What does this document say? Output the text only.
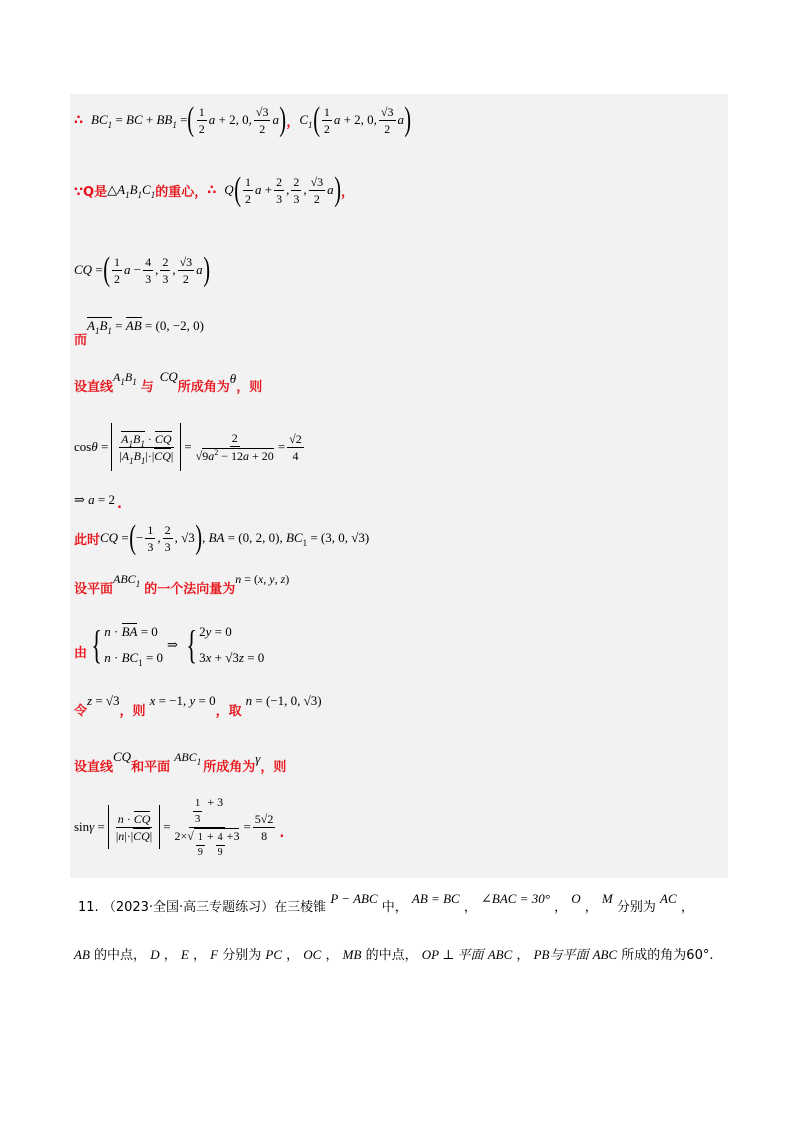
∴ $BC_1$ = BC + $BB_1$ = ( $\frac{1}{2}$ a + 2, 0, $\frac{√3}{2}$ a ) ， $C_1$ ( $\frac{1}{2}$ a + 2, 0, $\frac{√3}{2}$ a )
∵Q是 $\triangle A_1B_1C_1$ 的重心， ∴ Q ( $\frac{1}{2}$ $a + \frac{2}{3}$ , $\frac{2}{3}$ , $\frac{√3}{2}$ a ) ，
CQ = ( $\frac{1}{2}$ $a - \frac{4}{3}$ , $\frac{2}{3}$ , $\frac{√3}{2}$ a )
而
$A_1B_1$ = AB = (0, −2, 0)
设直线
$A_1B_1$ 与
CQ
所成角为
θ
，则
$\cos\theta = \frac{A_1B_1 \cdot CQ}{|A_1B_1|\cdot|CQ|} = \frac{2}{√9a^2 - 12a + 20} = \frac{√2}{4}$
⇒ a = 2 .
此时 CQ = ( − $\frac{1}{3}$ , $\frac{2}{3}$ , √3 ) , BA = (0, 2, 0), $BC_1 = (3$, 0, √3)
设平面
$ABC_1$ 的一个法向量为
n = (x, y, z)
由 { n · BA = 0
$n \cdot BC_1 = 0$
⇒ { 2y = 0
3x + √3z = 0
令
z = √3
，则
x = −1, y = 0
，取
n = (−1, 0, √3)
设直线
CQ
和平面
$ABC_1$ 所成角为
γ
，则
$\sin\gamma = \frac{n \cdot CQ}{|n|\cdot|CQ|} = \frac{\frac{1}{3} + 3}{2\times√ \frac{1}{9} + \frac{4}{9} +3} = \frac{5√2}{8}$ .
11. （2023·全国·高三专题练习）在三棱锥 P − ABC 中， AB = BC ， ∠BAC = 30° ， O ， M 分别为 AC ，
AB 的中点， D ， E ， F 分别为 PC ， OC ， MB 的中点， OP ⊥ 平面 ABC ， PB与平面 ABC 所成的角为60°.
